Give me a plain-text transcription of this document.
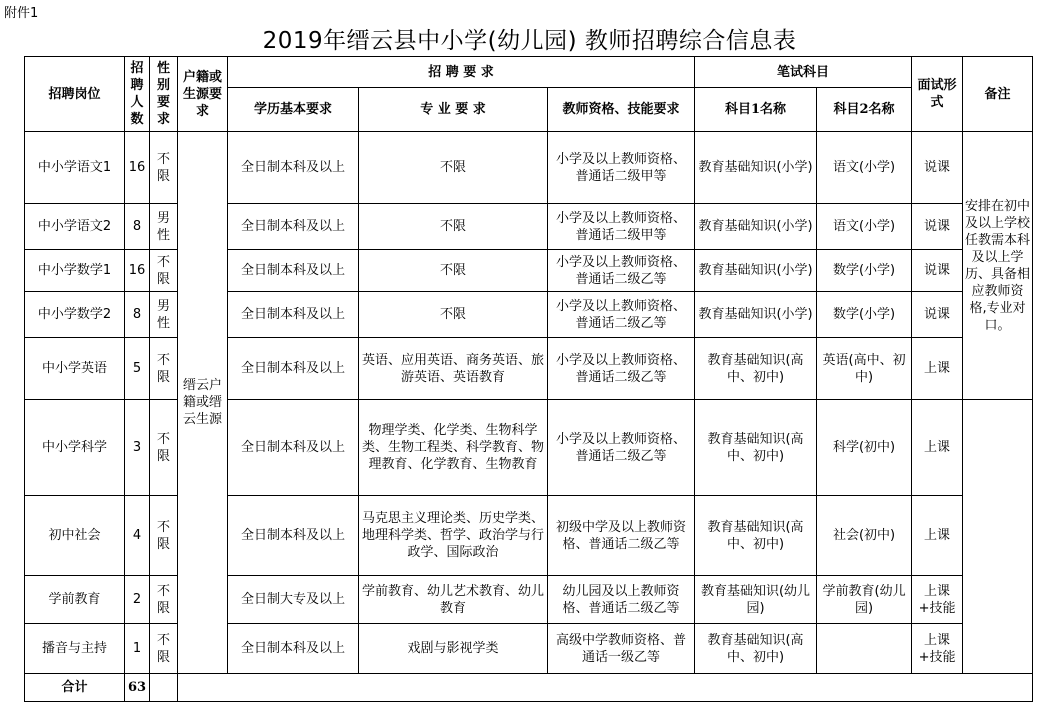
附件1
2019年缙云县中小学(幼儿园) 教师招聘综合信息表
招聘岗位	招聘人数	性别要求	户籍或生源要求	招 聘 要 求			笔试科目		面试形式	备注
				学历基本要求	专 业 要 求	教师资格、技能要求	科目1名称	科目2名称		
中小学语文1	16	不限	缙云户籍或缙云生源	全日制本科及以上	不限	小学及以上教师资格、普通话二级甲等	教育基础知识(小学)	语文(小学)	说课	安排在初中及以上学校任教需本科及以上学历、具备相应教师资格,专业对口。
中小学语文2	8	男性		全日制本科及以上	不限	小学及以上教师资格、普通话二级甲等	教育基础知识(小学)	语文(小学)	说课	
中小学数学1	16	不限		全日制本科及以上	不限	小学及以上教师资格、普通话二级乙等	教育基础知识(小学)	数学(小学)	说课	
中小学数学2	8	男性		全日制本科及以上	不限	小学及以上教师资格、普通话二级乙等	教育基础知识(小学)	数学(小学)	说课	
中小学英语	5	不限		全日制本科及以上	英语、应用英语、商务英语、旅游英语、英语教育	小学及以上教师资格、普通话二级乙等	教育基础知识(高中、初中)	英语(高中、初中)	上课	
中小学科学	3	不限		全日制本科及以上	物理学类、化学类、生物科学类、生物工程类、科学教育、物理教育、化学教育、生物教育	小学及以上教师资格、普通话二级乙等	教育基础知识(高中、初中)	科学(初中)	上课	
初中社会	4	不限		全日制本科及以上	马克思主义理论类、历史学类、地理科学类、哲学、政治学与行政学、国际政治	初级中学及以上教师资格、普通话二级乙等	教育基础知识(高中、初中)	社会(初中)	上课	
学前教育	2	不限		全日制大专及以上	学前教育、幼儿艺术教育、幼儿教育	幼儿园及以上教师资格、普通话二级乙等	教育基础知识(幼儿园)	学前教育(幼儿园)	上课+技能	
播音与主持	1	不限		全日制本科及以上	戏剧与影视学类	高级中学教师资格、普通话一级乙等	教育基础知识(高中、初中)		上课+技能	
合计	63									
